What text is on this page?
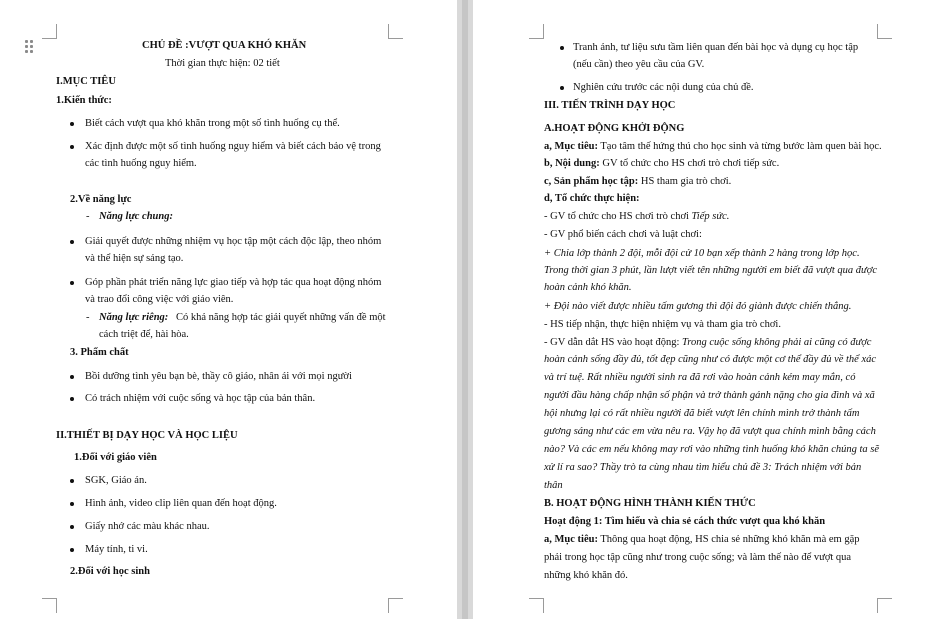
CHỦ ĐỀ :VƯỢT QUA KHÓ KHĂN
Thời gian thực hiện: 02 tiết
I.MỤC TIÊU
1.Kiến thức:
Biết cách vượt qua khó khăn trong một số tình huống cụ thể.
Xác định được một số tình huống nguy hiểm và biết cách bảo vệ trong
các tình huống nguy hiểm.
2.Về năng lực
- Năng lực chung:
Giải quyết được những nhiệm vụ học tập một cách độc lập, theo nhóm
và thể hiện sự sáng tạo.
Góp phần phát triển năng lực giao tiếp và hợp tác qua hoạt động nhóm
và trao đổi công việc với giáo viên.
- Năng lực riêng: Có khả năng hợp tác giải quyết những vấn đề một
cách triệt để, hài hòa.
3. Phẩm chất
Bồi dưỡng tình yêu bạn bè, thầy cô giáo, nhân ái với mọi người
Có trách nhiệm với cuộc sống và học tập của bản thân.
II.THIẾT BỊ DẠY HỌC VÀ HỌC LIỆU
1.Đối với giáo viên
SGK, Giáo án.
Hình ảnh, video clip liên quan đến hoạt động.
Giấy nhớ các màu khác nhau.
Máy tính, ti vi.
2.Đối với học sinh
Tranh ảnh, tư liệu sưu tầm liên quan đến bài học và dụng cụ học tập
(nếu cần) theo yêu cầu của GV.
Nghiên cứu trước các nội dung của chủ đề.
III. TIẾN TRÌNH DẠY HỌC
A.HOẠT ĐỘNG KHỞI ĐỘNG
a, Mục tiêu: Tạo tâm thế hứng thú cho học sinh và từng bước làm quen bài học.
b, Nội dung: GV tổ chức cho HS chơi trò chơi tiếp sức.
c, Sản phẩm học tập: HS tham gia trò chơi.
d, Tổ chức thực hiện:
- GV tổ chức cho HS chơi trò chơi Tiếp sức.
- GV phổ biến cách chơi và luật chơi:
+ Chia lớp thành 2 đội, mỗi đội cử 10 bạn xếp thành 2 hàng trong lớp học.
Trong thời gian 3 phút, lần lượt viết tên những người em biết đã vượt qua được
hoàn cảnh khó khăn.
+ Đội nào viết được nhiều tấm gương thì đội đó giành được chiến thắng.
- HS tiếp nhận, thực hiện nhiệm vụ và tham gia trò chơi.
- GV dẫn dắt HS vào hoạt động: Trong cuộc sống không phải ai cũng có được
hoàn cảnh sống đầy đủ, tốt đẹp cũng như có được một cơ thể đầy đủ về thể xác
và trí tuệ. Rất nhiều người sinh ra đã rơi vào hoàn cảnh kém may mắn, có
người đầu hàng chấp nhận số phận và trở thành gánh nặng cho gia đình và xã
hội nhưng lại có rất nhiều người đã biết vượt lên chính mình trở thành tấm
gương sáng như các em vừa nêu ra. Vậy họ đã vượt qua chính mình bằng cách
nào? Và các em nếu không may rơi vào những tình huống khó khăn chúng ta sẽ
xử lí ra sao? Thầy trò ta cùng nhau tìm hiểu chủ đề 3: Trách nhiệm với bản
thân
B. HOẠT ĐỘNG HÌNH THÀNH KIẾN THỨC
Hoạt động 1: Tìm hiểu và chia sẻ cách thức vượt qua khó khăn
a, Mục tiêu: Thông qua hoạt động, HS chia sẻ những khó khăn mà em gặp
phải trong học tập cũng như trong cuộc sống; và làm thế nào để vượt qua
những khó khăn đó.
